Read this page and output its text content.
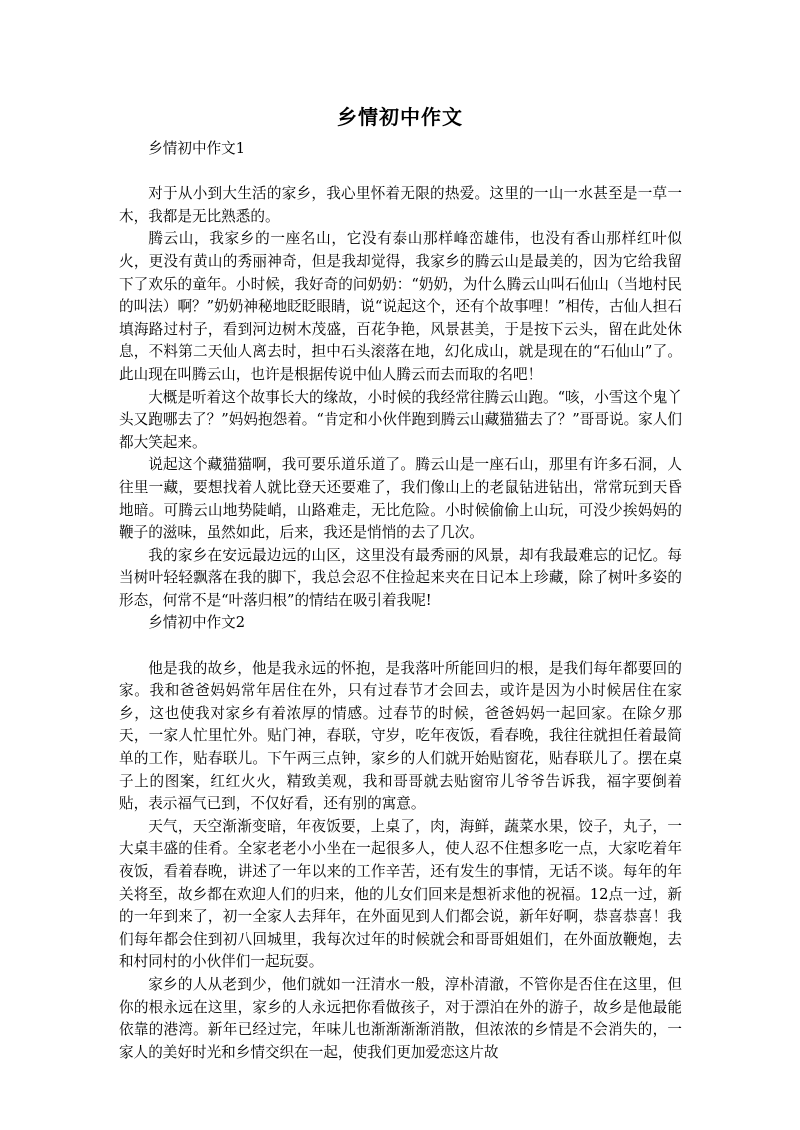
乡情初中作文

乡情初中作文1

对于从小到大生活的家乡，我心里怀着无限的热爱。这里的一山一水甚至是一草一木，我都是无比熟悉的。

腾云山，我家乡的一座名山，它没有泰山那样峰峦雄伟，也没有香山那样红叶似火，更没有黄山的秀丽神奇，但是我却觉得，我家乡的腾云山是最美的，因为它给我留下了欢乐的童年。小时候，我好奇的问奶奶：“奶奶，为什么腾云山叫石仙山（当地村民的叫法）啊？”奶奶神秘地眨眨眼睛，说“说起这个，还有个故事哩！”相传，古仙人担石填海路过村子，看到河边树木茂盛，百花争艳，风景甚美，于是按下云头，留在此处休息，不料第二天仙人离去时，担中石头滚落在地，幻化成山，就是现在的“石仙山”了。此山现在叫腾云山，也许是根据传说中仙人腾云而去而取的名吧！

大概是听着这个故事长大的缘故，小时候的我经常往腾云山跑。“咳，小雪这个鬼丫头又跑哪去了？”妈妈抱怨着。“肯定和小伙伴跑到腾云山藏猫猫去了？”哥哥说。家人们都大笑起来。

说起这个藏猫猫啊，我可要乐道乐道了。腾云山是一座石山，那里有许多石洞，人往里一藏，要想找着人就比登天还要难了，我们像山上的老鼠钻进钻出，常常玩到天昏地暗。可腾云山地势陡峭，山路难走，无比危险。小时候偷偷上山玩，可没少挨妈妈的鞭子的滋味，虽然如此，后来，我还是悄悄的去了几次。

我的家乡在安远最边远的山区，这里没有最秀丽的风景，却有我最难忘的记忆。每当树叶轻轻飘落在我的脚下，我总会忍不住捡起来夹在日记本上珍藏，除了树叶多姿的形态，何常不是“叶落归根”的情结在吸引着我呢!

乡情初中作文2

他是我的故乡，他是我永远的怀抱，是我落叶所能回归的根，是我们每年都要回的家。我和爸爸妈妈常年居住在外，只有过春节才会回去，或许是因为小时候居住在家乡，这也使我对家乡有着浓厚的情感。过春节的时候，爸爸妈妈一起回家。在除夕那天，一家人忙里忙外。贴门神，春联，守岁，吃年夜饭，看春晚，我往往就担任着最简单的工作，贴春联儿。下午两三点钟，家乡的人们就开始贴窗花，贴春联儿了。摆在桌子上的图案，红红火火，精致美观，我和哥哥就去贴窗帘儿爷爷告诉我，福字要倒着贴，表示福气已到，不仅好看，还有别的寓意。

天气，天空渐渐变暗，年夜饭要，上桌了，肉，海鲜，蔬菜水果，饺子，丸子，一大桌丰盛的佳肴。全家老老小小坐在一起很多人，使人忍不住想多吃一点，大家吃着年夜饭，看着春晚，讲述了一年以来的工作辛苦，还有发生的事情，无话不谈。每年的年关将至，故乡都在欢迎人们的归来，他的儿女们回来是想祈求他的祝福。12点一过，新的一年到来了，初一全家人去拜年，在外面见到人们都会说，新年好啊，恭喜恭喜！我们每年都会住到初八回城里，我每次过年的时候就会和哥哥姐姐们，在外面放鞭炮，去和村同村的小伙伴们一起玩耍。

家乡的人从老到少，他们就如一汪清水一般，淳朴清澈，不管你是否住在这里，但你的根永远在这里，家乡的人永远把你看做孩子，对于漂泊在外的游子，故乡是他最能依靠的港湾。新年已经过完，年味儿也渐渐渐渐消散，但浓浓的乡情是不会消失的，一家人的美好时光和乡情交织在一起，使我们更加爱恋这片故
